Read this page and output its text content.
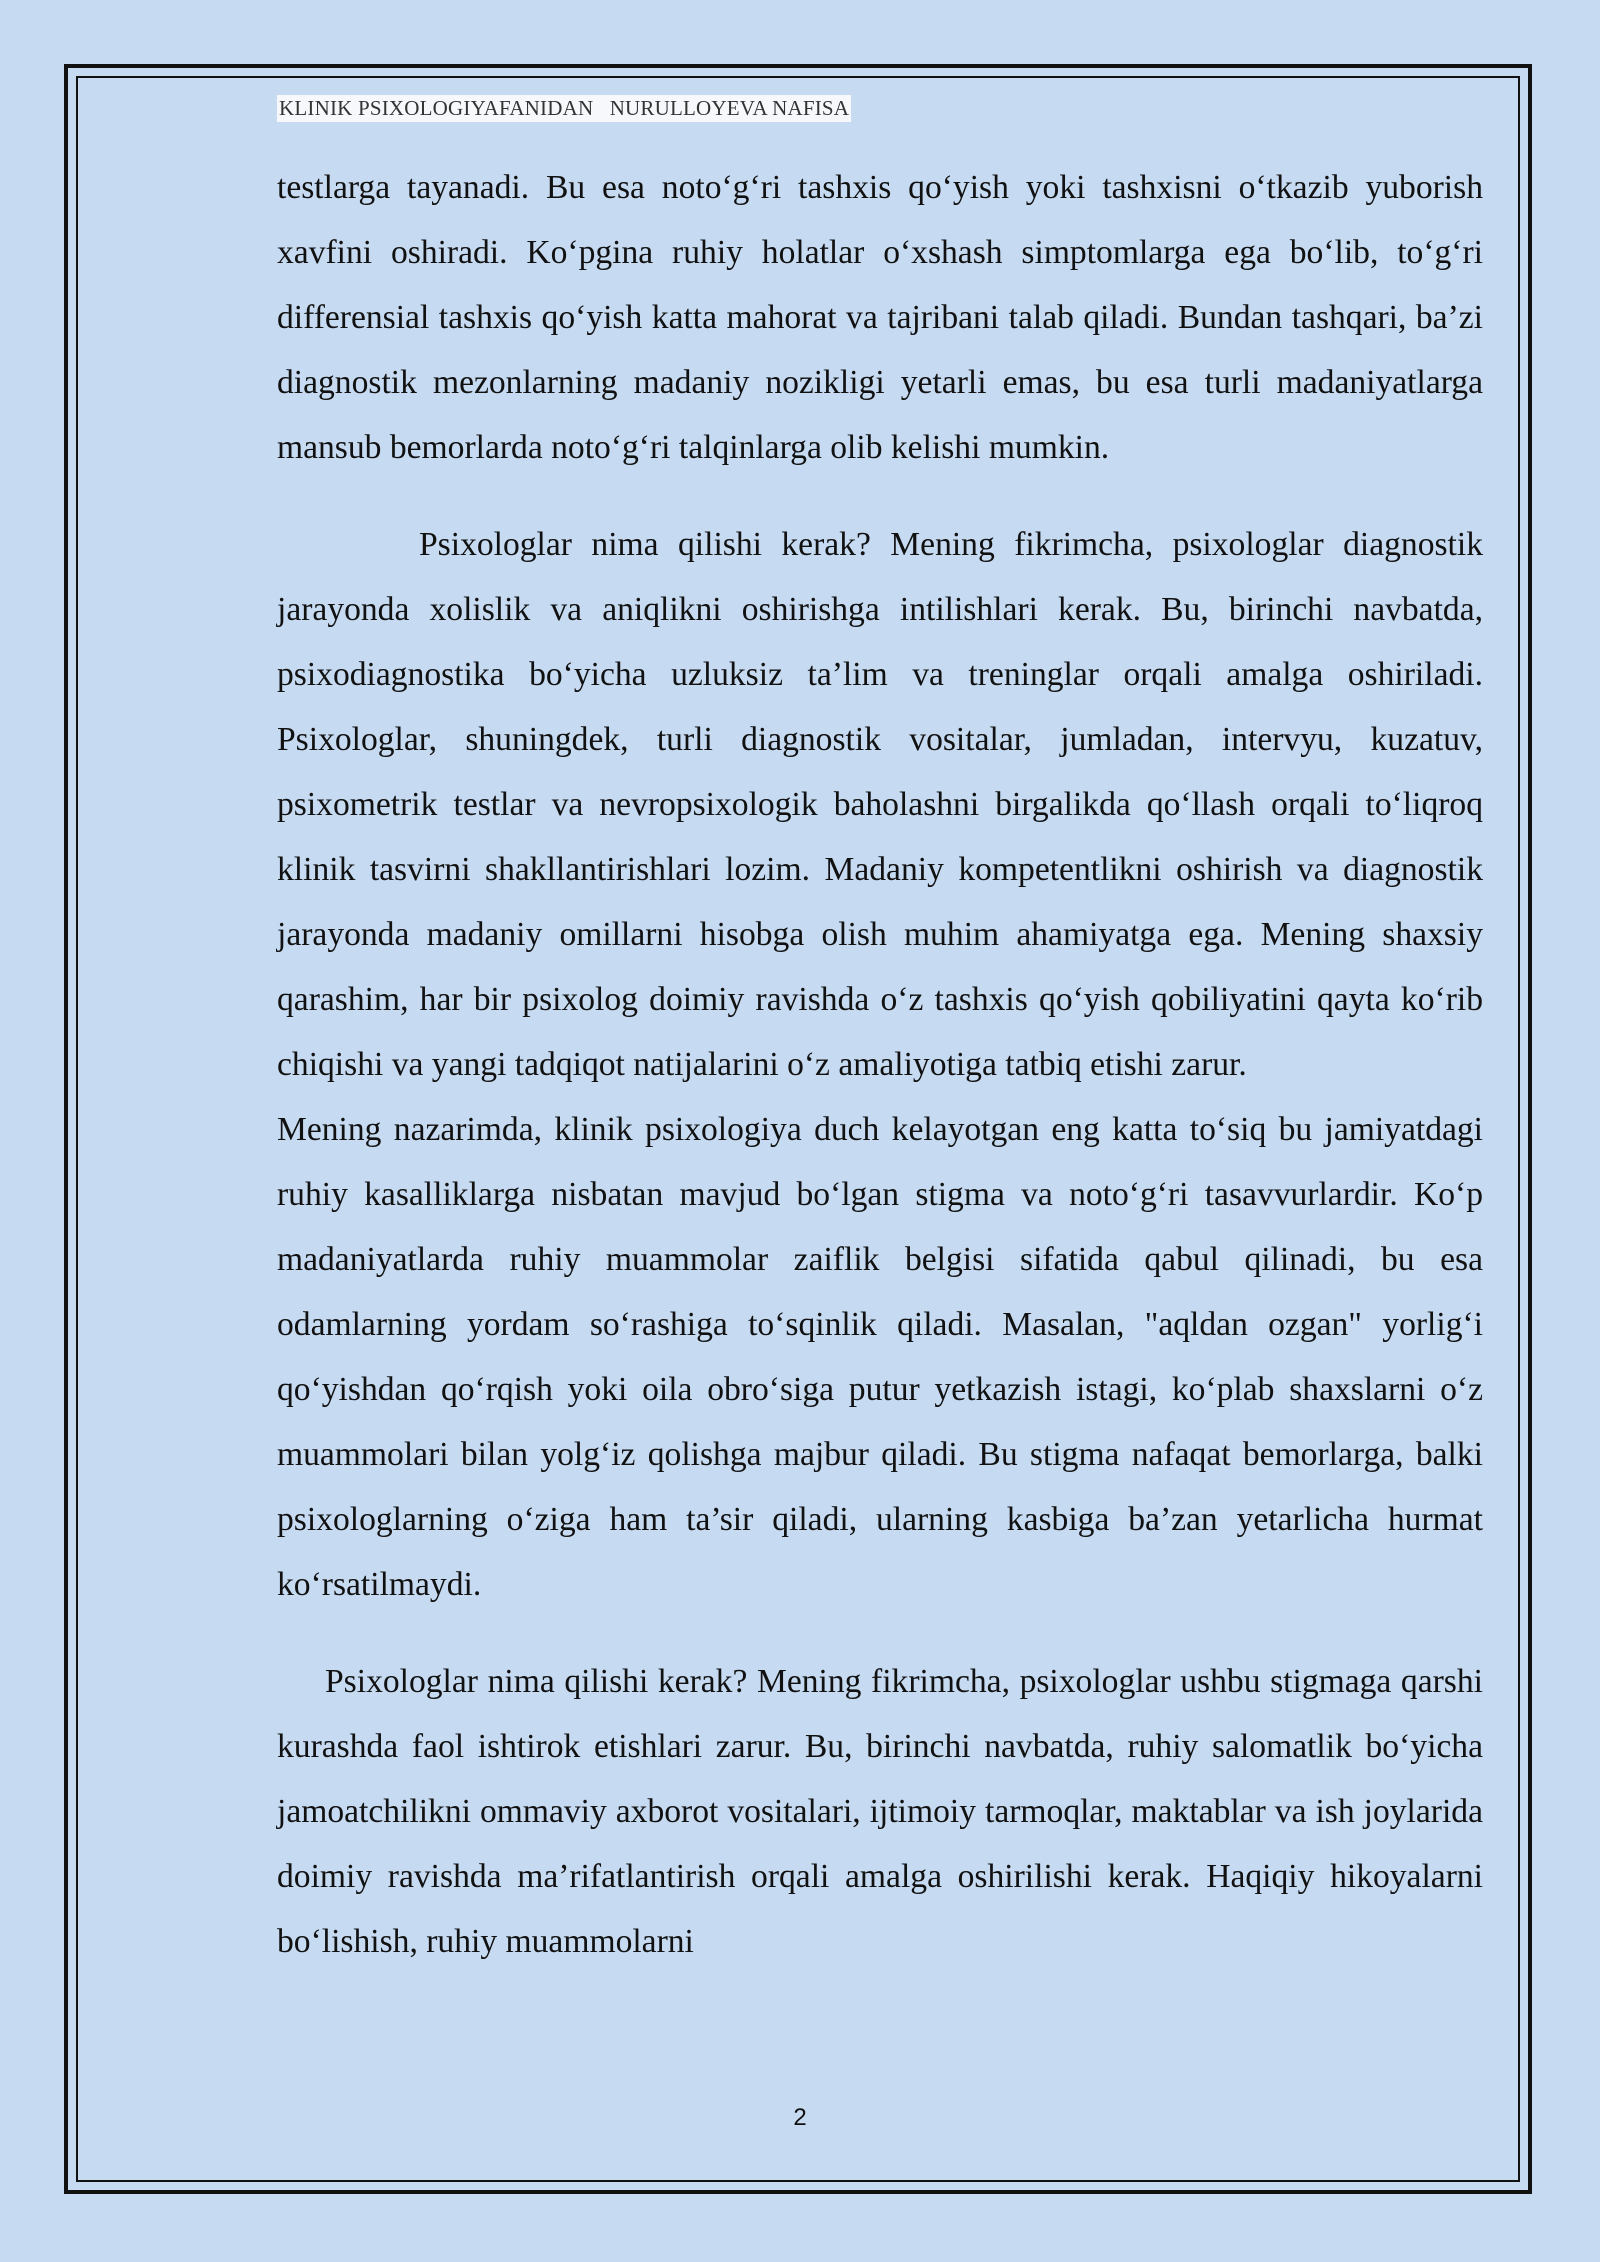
KLINIK PSIXOLOGIYAFANIDAN   NURULLOYEVA NAFISA

testlarga tayanadi. Bu esa noto‘g‘ri tashxis qo‘yish yoki tashxisni o‘tkazib yuborish xavfini oshiradi. Ko‘pgina ruhiy holatlar o‘xshash simptomlarga ega bo‘lib, to‘g‘ri differensial tashxis qo‘yish katta mahorat va tajribani talab qiladi. Bundan tashqari, ba’zi diagnostik mezonlarning madaniy nozikligi yetarli emas, bu esa turli madaniyatlarga mansub bemorlarda noto‘g‘ri talqinlarga olib kelishi mumkin.

Psixologlar nima qilishi kerak? Mening fikrimcha, psixologlar diagnostik jarayonda xolislik va aniqlikni oshirishga intilishlari kerak. Bu, birinchi navbatda, psixodiagnostika bo‘yicha uzluksiz ta’lim va treninglar orqali amalga oshiriladi. Psixologlar, shuningdek, turli diagnostik vositalar, jumladan, intervyu, kuzatuv, psixometrik testlar va nevropsixologik baholashni birgalikda qo‘llash orqali to‘liqroq klinik tasvirni shakllantirishlari lozim. Madaniy kompetentlikni oshirish va diagnostik jarayonda madaniy omillarni hisobga olish muhim ahamiyatga ega. Mening shaxsiy qarashim, har bir psixolog doimiy ravishda o‘z tashxis qo‘yish qobiliyatini qayta ko‘rib chiqishi va yangi tadqiqot natijalarini o‘z amaliyotiga tatbiq etishi zarur.

Mening nazarimda, klinik psixologiya duch kelayotgan eng katta to‘siq bu jamiyatdagi ruhiy kasalliklarga nisbatan mavjud bo‘lgan stigma va noto‘g‘ri tasavvurlardir. Ko‘p madaniyatlarda ruhiy muammolar zaiflik belgisi sifatida qabul qilinadi, bu esa odamlarning yordam so‘rashiga to‘sqinlik qiladi. Masalan, "aqldan ozgan" yorlig‘i qo‘yishdan qo‘rqish yoki oila obro‘siga putur yetkazish istagi, ko‘plab shaxslarni o‘z muammolari bilan yolg‘iz qolishga majbur qiladi. Bu stigma nafaqat bemorlarga, balki psixologlarning o‘ziga ham ta’sir qiladi, ularning kasbiga ba’zan yetarlicha hurmat ko‘rsatilmaydi.

Psixologlar nima qilishi kerak? Mening fikrimcha, psixologlar ushbu stigmaga qarshi kurashda faol ishtirok etishlari zarur. Bu, birinchi navbatda, ruhiy salomatlik bo‘yicha jamoatchilikni ommaviy axborot vositalari, ijtimoiy tarmoqlar, maktablar va ish joylarida doimiy ravishda ma’rifatlantirish orqali amalga oshirilishi kerak. Haqiqiy hikoyalarni bo‘lishish, ruhiy muammolarni

2
